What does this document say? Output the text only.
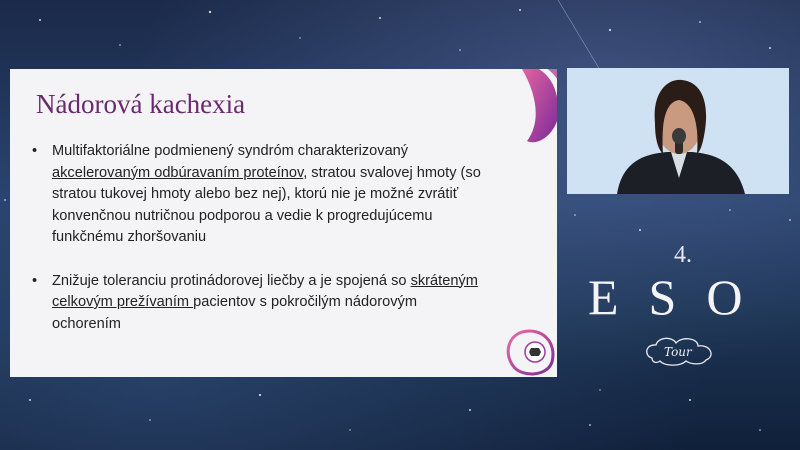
Nádorová kachexia
• Multifaktoriálne podmienený syndróm charakterizovaný akcelerovaným odbúravaním proteínov, stratou svalovej hmoty (so stratou tukovej hmoty alebo bez nej), ktorú nie je možné zvrátiť konvenčnou nutričnou podporou a vedie k progredujúcemu funkčnému zhoršovaniu
• Znižuje toleranciu protinádorovej liečby a je spojená so skráteným celkovým prežívaním pacientov s pokročilým nádorovým ochorením
4.
ESO
Tour
